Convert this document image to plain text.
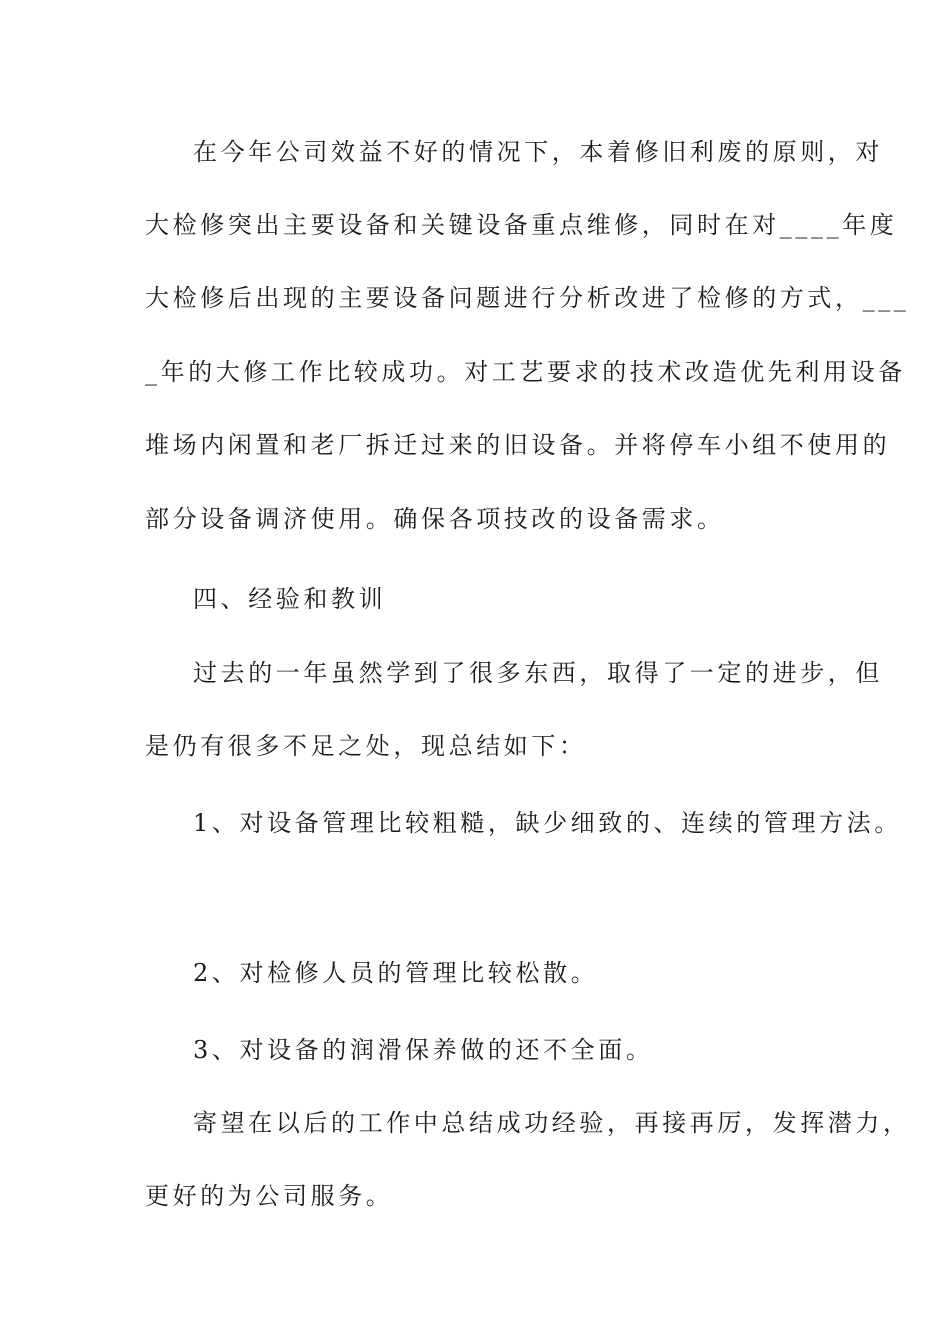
在今年公司效益不好的情况下，本着修旧利废的原则，对
大检修突出主要设备和关键设备重点维修，同时在对____年度
大检修后出现的主要设备问题进行分析改进了检修的方式，___
_年的大修工作比较成功。对工艺要求的技术改造优先利用设备
堆场内闲置和老厂拆迁过来的旧设备。并将停车小组不使用的
部分设备调济使用。确保各项技改的设备需求。
四、经验和教训
过去的一年虽然学到了很多东西，取得了一定的进步，但
是仍有很多不足之处，现总结如下：
1、对设备管理比较粗糙，缺少细致的、连续的管理方法。
2、对检修人员的管理比较松散。
3、对设备的润滑保养做的还不全面。
寄望在以后的工作中总结成功经验，再接再厉，发挥潜力，
更好的为公司服务。
